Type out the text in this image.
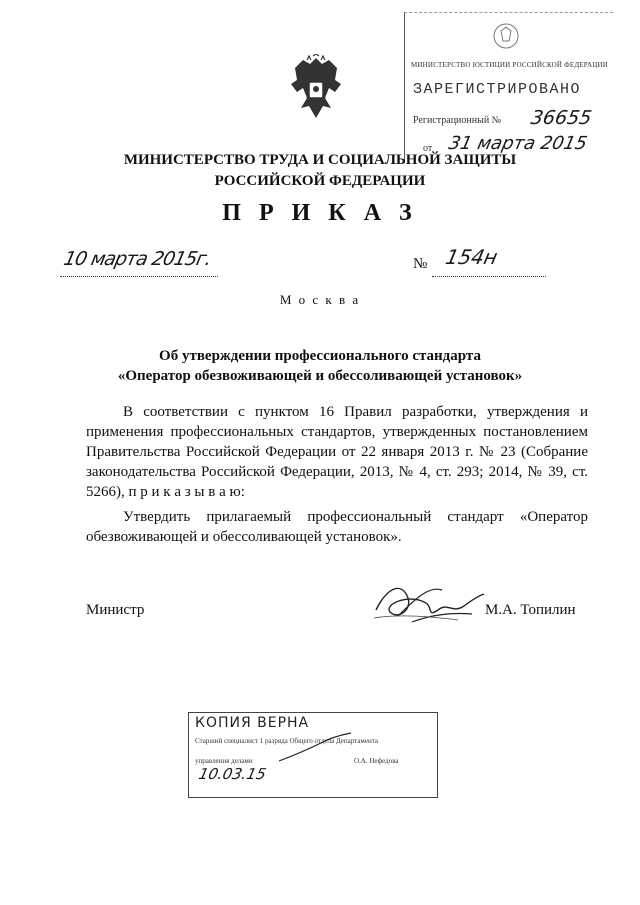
МИНИСТЕРСТВО ЮСТИЦИИ РОССИЙСКОЙ ФЕДЕРАЦИИ
ЗАРЕГИСТРИРОВАНО
Регистрационный № 36655
от 31 марта 2015
МИНИСТЕРСТВО ТРУДА И СОЦИАЛЬНОЙ ЗАЩИТЫ
РОССИЙСКОЙ ФЕДЕРАЦИИ
П Р И К А З
10 марта 2015г.	№ 154н
М о с к в а
Об утверждении профессионального стандарта
«Оператор обезвоживающей и обессоливающей установок»
В соответствии с пунктом 16 Правил разработки, утверждения и применения профессиональных стандартов, утвержденных постановлением Правительства Российской Федерации от 22 января 2013 г. № 23 (Собрание законодательства Российской Федерации, 2013, № 4, ст. 293; 2014, № 39, ст. 5266), п р и к а з ы в а ю:
Утвердить прилагаемый профессиональный стандарт «Оператор обезвоживающей и обессоливающей установок».
Министр	М.А. Топилин
КОПИЯ ВЕРНА
Старший специалист 1 разряда Общего отдела Департамента
управления делами	О.А. Нефедова
10.03.15
